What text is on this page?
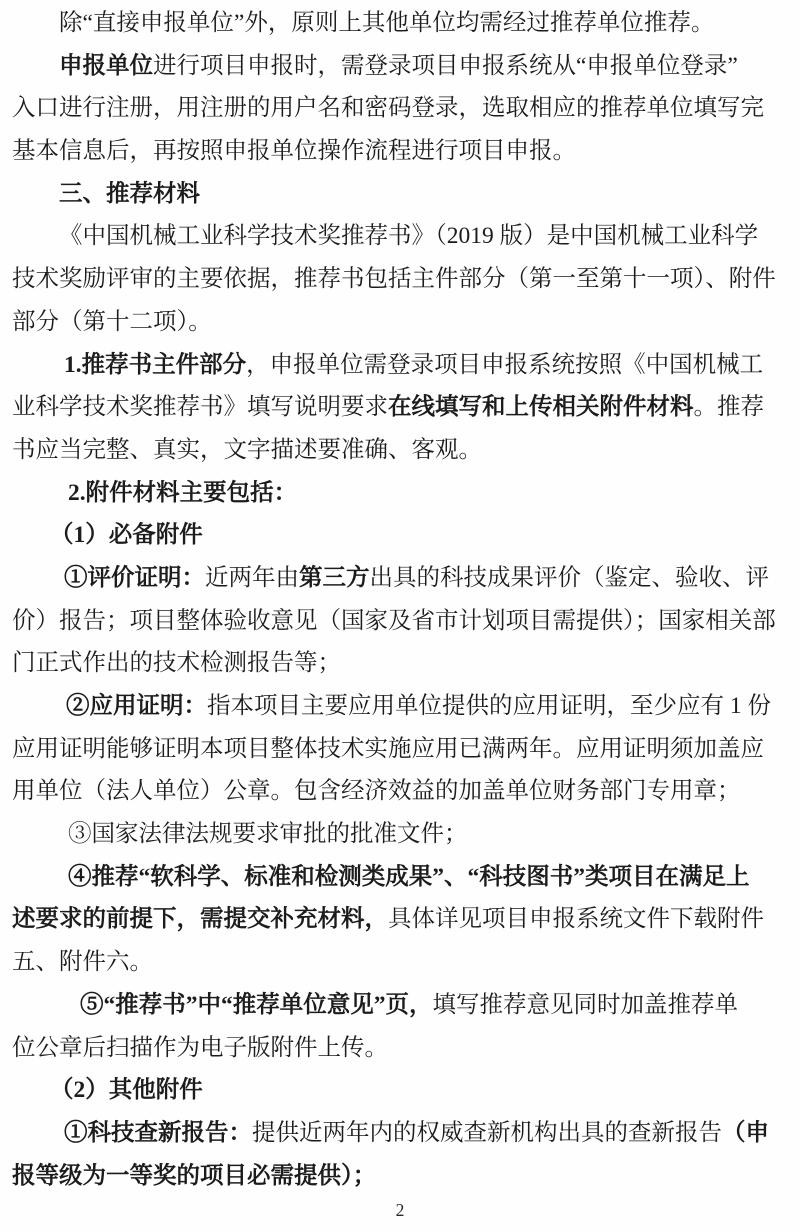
除“直接申报单位”外，原则上其他单位均需经过推荐单位推荐。
申报单位进行项目申报时，需登录项目申报系统从“申报单位登录”
入口进行注册，用注册的用户名和密码登录，选取相应的推荐单位填写完
基本信息后，再按照申报单位操作流程进行项目申报。
三、推荐材料
《中国机械工业科学技术奖推荐书》（2019 版）是中国机械工业科学
技术奖励评审的主要依据，推荐书包括主件部分（第一至第十一项）、附件
部分（第十二项）。
1.推荐书主件部分，申报单位需登录项目申报系统按照《中国机械工
业科学技术奖推荐书》填写说明要求在线填写和上传相关附件材料。推荐
书应当完整、真实，文字描述要准确、客观。
2.附件材料主要包括：
（1）必备附件
①评价证明：近两年由第三方出具的科技成果评价（鉴定、验收、评
价）报告；项目整体验收意见（国家及省市计划项目需提供）；国家相关部
门正式作出的技术检测报告等；
②应用证明：指本项目主要应用单位提供的应用证明，至少应有 1 份
应用证明能够证明本项目整体技术实施应用已满两年。应用证明须加盖应
用单位（法人单位）公章。包含经济效益的加盖单位财务部门专用章；
③国家法律法规要求审批的批准文件；
④推荐“软科学、标准和检测类成果”、“科技图书”类项目在满足上
述要求的前提下，需提交补充材料，具体详见项目申报系统文件下载附件
五、附件六。
⑤“推荐书”中“推荐单位意见”页，填写推荐意见同时加盖推荐单
位公章后扫描作为电子版附件上传。
（2）其他附件
①科技查新报告：提供近两年内的权威查新机构出具的查新报告（申
报等级为一等奖的项目必需提供）；
2
